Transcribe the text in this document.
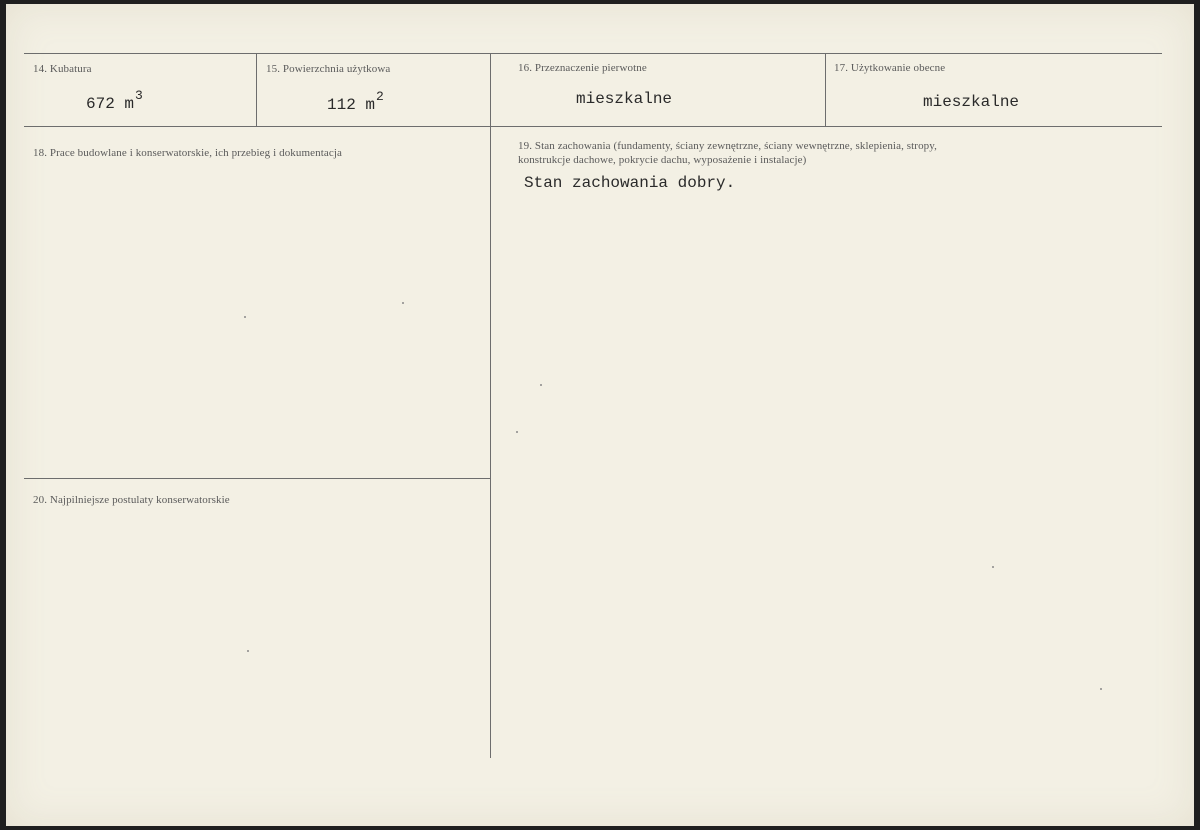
14. Kubatura
672 $m^3$
15. Powierzchnia użytkowa
112 $m^2$
16. Przeznaczenie pierwotne
mieszkalne
17. Użytkowanie obecne
mieszkalne
18. Prace budowlane i konserwatorskie, ich przebieg i dokumentacja
19. Stan zachowania (fundamenty, ściany zewnętrzne, ściany wewnętrzne, sklepienia, stropy,
konstrukcje dachowe, pokrycie dachu, wyposażenie i instalacje)
Stan zachowania dobry.
20. Najpilniejsze postulaty konserwatorskie
